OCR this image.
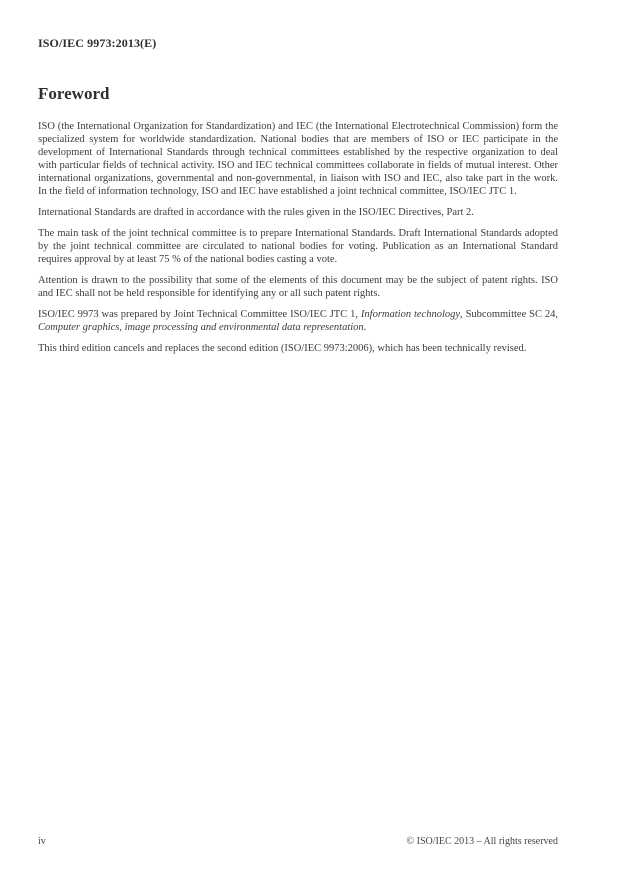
ISO/IEC 9973:2013(E)
Foreword

ISO (the International Organization for Standardization) and IEC (the International Electrotechnical Commission) form the specialized system for worldwide standardization. National bodies that are members of ISO or IEC participate in the development of International Standards through technical committees established by the respective organization to deal with particular fields of technical activity. ISO and IEC technical committees collaborate in fields of mutual interest. Other international organizations, governmental and non-governmental, in liaison with ISO and IEC, also take part in the work. In the field of information technology, ISO and IEC have established a joint technical committee, ISO/IEC JTC 1.

International Standards are drafted in accordance with the rules given in the ISO/IEC Directives, Part 2.

The main task of the joint technical committee is to prepare International Standards. Draft International Standards adopted by the joint technical committee are circulated to national bodies for voting. Publication as an International Standard requires approval by at least 75 % of the national bodies casting a vote.

Attention is drawn to the possibility that some of the elements of this document may be the subject of patent rights. ISO and IEC shall not be held responsible for identifying any or all such patent rights.

ISO/IEC 9973 was prepared by Joint Technical Committee ISO/IEC JTC 1, Information technology, Subcommittee SC 24, Computer graphics, image processing and environmental data representation.

This third edition cancels and replaces the second edition (ISO/IEC 9973:2006), which has been technically revised.

iv	© ISO/IEC 2013 – All rights reserved
